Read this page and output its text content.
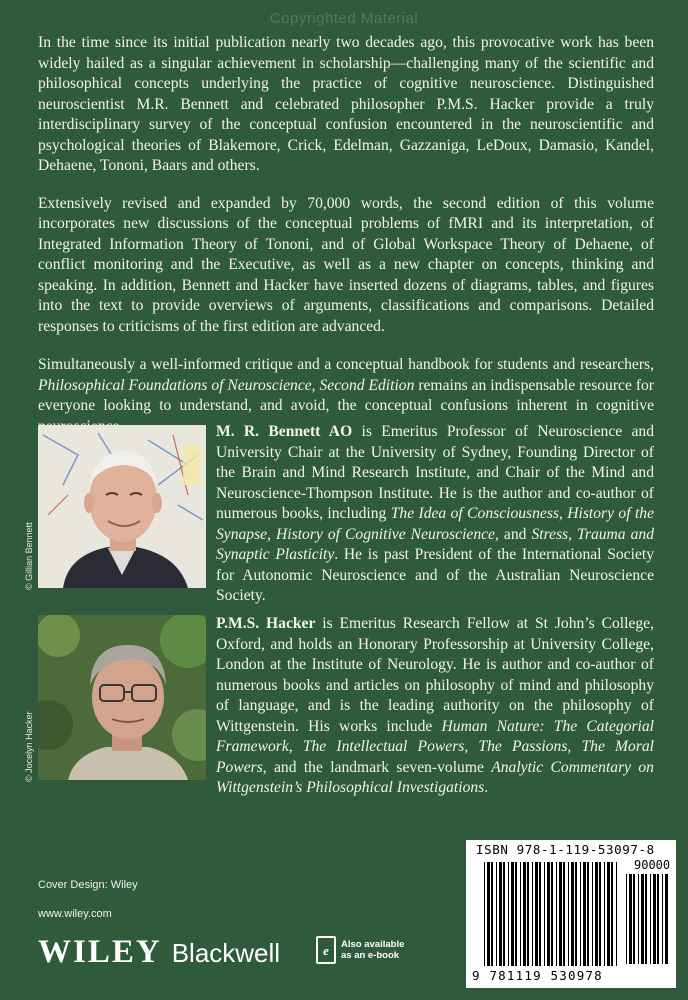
Copyrighted Material

In the time since its initial publication nearly two decades ago, this provocative work has been widely hailed as a singular achievement in scholarship—challenging many of the scientific and philosophical concepts underlying the practice of cognitive neuroscience. Distinguished neuroscientist M.R. Bennett and celebrated philosopher P.M.S. Hacker provide a truly interdisciplinary survey of the conceptual confusion encountered in the neuroscientific and psychological theories of Blakemore, Crick, Edelman, Gazzaniga, LeDoux, Damasio, Kandel, Dehaene, Tononi, Baars and others.

Extensively revised and expanded by 70,000 words, the second edition of this volume incorporates new discussions of the conceptual problems of fMRI and its interpretation, of Integrated Information Theory of Tononi, and of Global Workspace Theory of Dehaene, of conflict monitoring and the Executive, as well as a new chapter on concepts, thinking and speaking. In addition, Bennett and Hacker have inserted dozens of diagrams, tables, and figures into the text to provide overviews of arguments, classifications and comparisons. Detailed responses to criticisms of the first edition are advanced.

Simultaneously a well-informed critique and a conceptual handbook for students and researchers, Philosophical Foundations of Neuroscience, Second Edition remains an indispensable resource for everyone looking to understand, and avoid, the conceptual confusions inherent in cognitive

© Gillian Bennett
M. R. Bennett AO is Emeritus Professor of Neuroscience and University Chair at the University of Sydney, Founding Director of the Brain and Mind Research Institute, and Chair of the Mind and Neuroscience-Thompson Institute. He is the author and co-author of numerous books, including The Idea of Consciousness, History of the Synapse, History of Cognitive Neuroscience, and Stress, Trauma and Synaptic Plasticity. He is past President of the International Society for Autonomic Neuroscience and of the Australian Neuroscience Society.
© Jocelyn Hacker
P.M.S. Hacker is Emeritus Research Fellow at St John’s College, Oxford, and holds an Honorary Professorship at University College, London at the Institute of Neurology. He is author and co-author of numerous books and articles on philosophy of mind and philosophy of language, and is the leading authority on the philosophy of Wittgenstein. His works include Human Nature: The Categorial Framework, The Intellectual Powers, The Passions, The Moral Powers, and the landmark seven-volume Analytic Commentary on Wittgenstein’s Philosophical Investigations.
Cover Design: Wiley
www.wiley.com
WILEY Blackwell	e	Also available
as an e-book
ISBN 978-1-119-53097-8
90000
9 781119 530978
